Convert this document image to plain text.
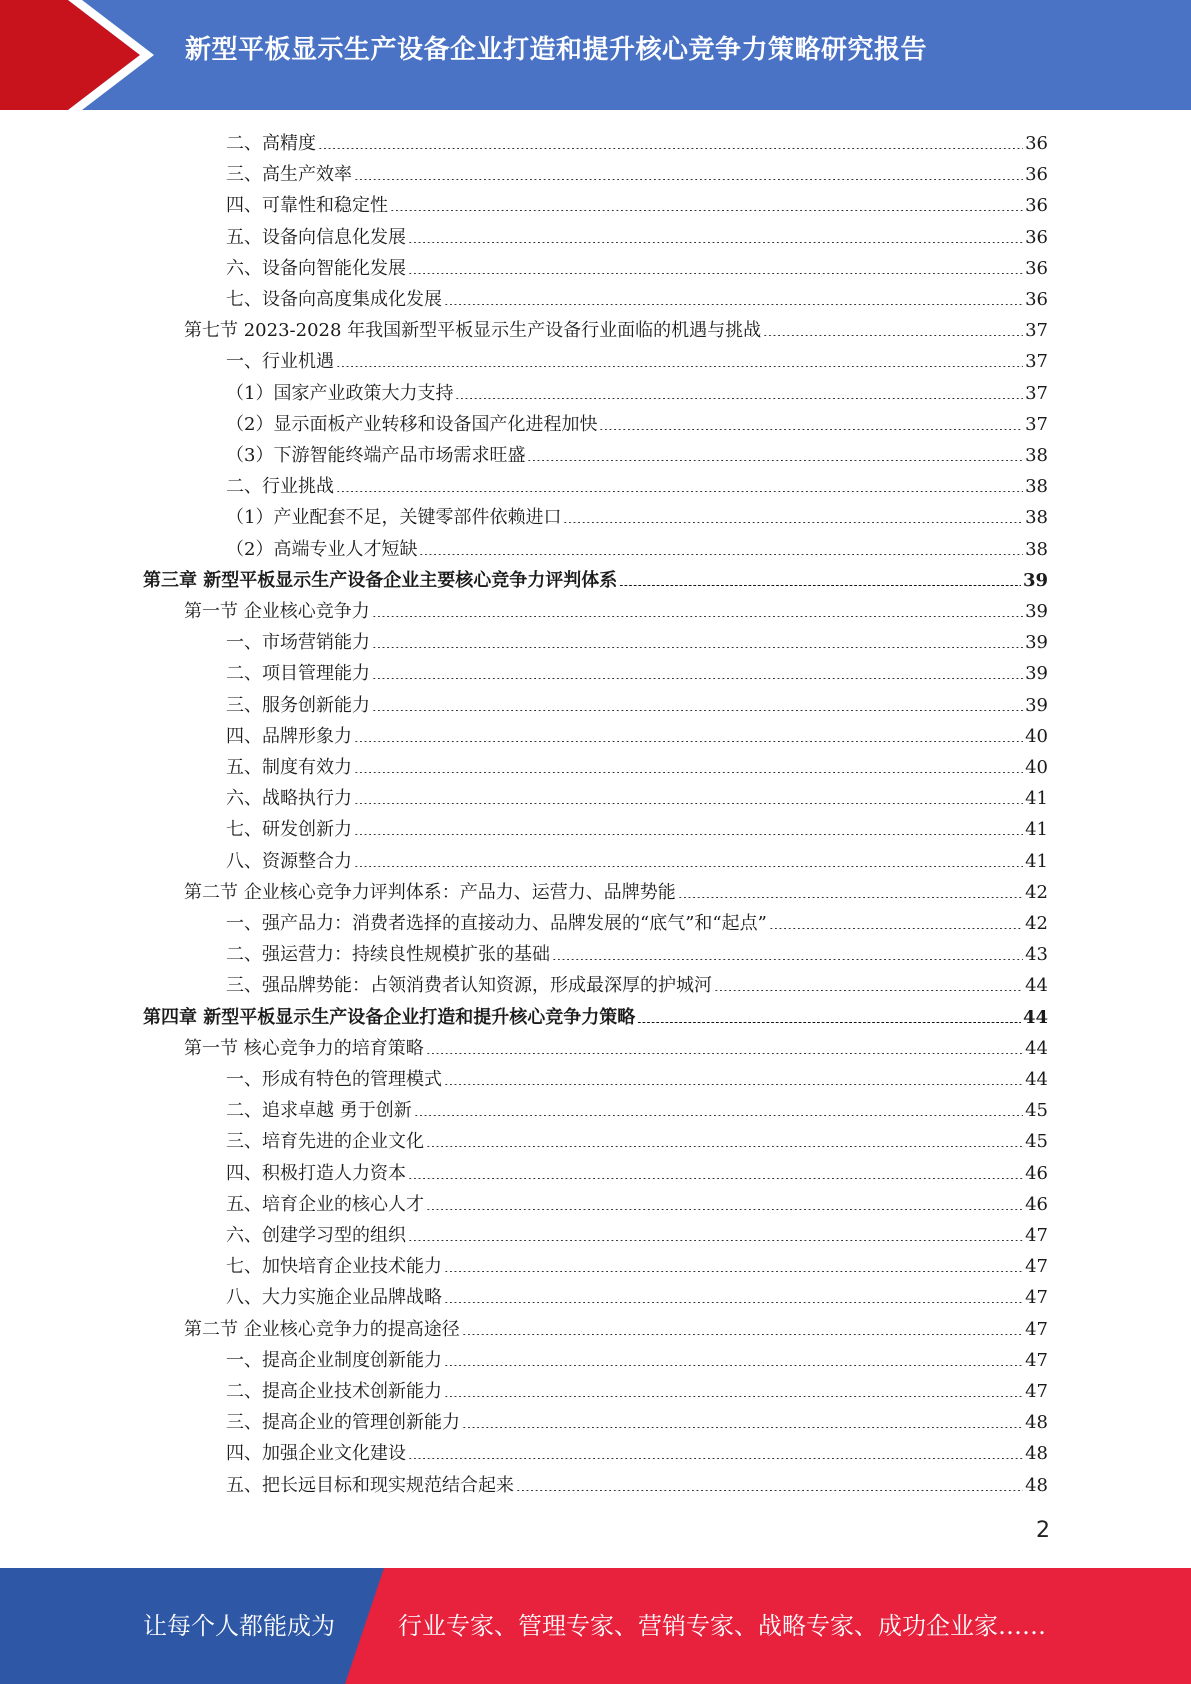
新型平板显示生产设备企业打造和提升核心竞争力策略研究报告
二、高精度	36
三、高生产效率	36
四、可靠性和稳定性	36
五、设备向信息化发展	36
六、设备向智能化发展	36
七、设备向高度集成化发展	36
第七节 2023-2028 年我国新型平板显示生产设备行业面临的机遇与挑战	37
一、行业机遇	37
（1）国家产业政策大力支持	37
（2）显示面板产业转移和设备国产化进程加快	37
（3）下游智能终端产品市场需求旺盛	38
二、行业挑战	38
（1）产业配套不足，关键零部件依赖进口	38
（2）高端专业人才短缺	38
第三章 新型平板显示生产设备企业主要核心竞争力评判体系	39
第一节 企业核心竞争力	39
一、市场营销能力	39
二、项目管理能力	39
三、服务创新能力	39
四、品牌形象力	40
五、制度有效力	40
六、战略执行力	41
七、研发创新力	41
八、资源整合力	41
第二节 企业核心竞争力评判体系：产品力、运营力、品牌势能	42
一、强产品力：消费者选择的直接动力、品牌发展的“底气”和“起点”	42
二、强运营力：持续良性规模扩张的基础	43
三、强品牌势能：占领消费者认知资源，形成最深厚的护城河	44
第四章 新型平板显示生产设备企业打造和提升核心竞争力策略	44
第一节 核心竞争力的培育策略	44
一、形成有特色的管理模式	44
二、追求卓越 勇于创新	45
三、培育先进的企业文化	45
四、积极打造人力资本	46
五、培育企业的核心人才	46
六、创建学习型的组织	47
七、加快培育企业技术能力	47
八、大力实施企业品牌战略	47
第二节 企业核心竞争力的提高途径	47
一、提高企业制度创新能力	47
二、提高企业技术创新能力	47
三、提高企业的管理创新能力	48
四、加强企业文化建设	48
五、把长远目标和现实规范结合起来	48
2
让每个人都能成为	行业专家、管理专家、营销专家、战略专家、成功企业家……
